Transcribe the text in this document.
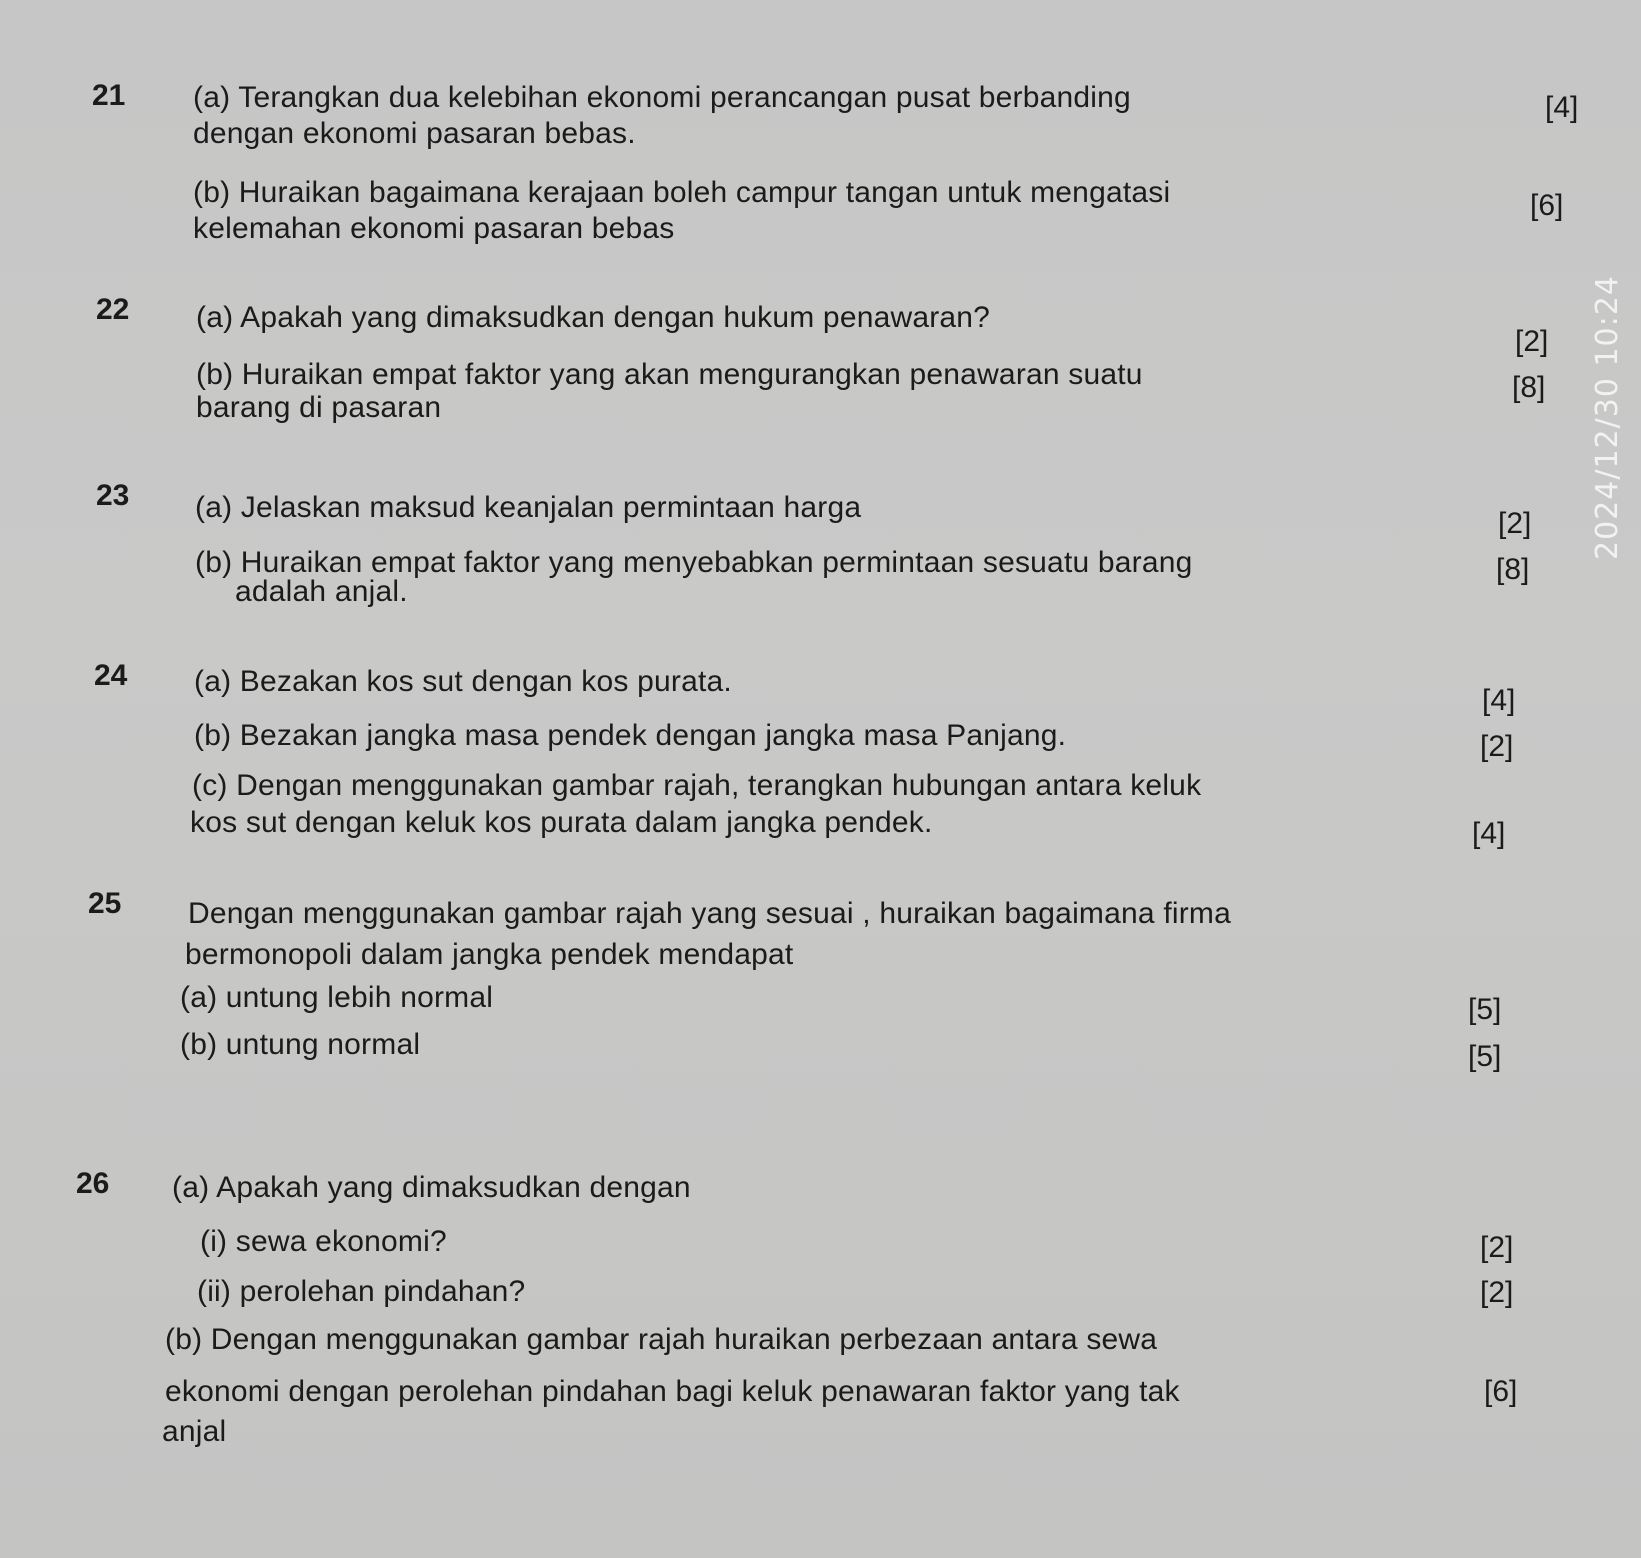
21 (a) Terangkan dua kelebihan ekonomi perancangan pusat berbanding
dengan ekonomi pasaran bebas.
[4]
(b) Huraikan bagaimana kerajaan boleh campur tangan untuk mengatasi
kelemahan ekonomi pasaran bebas
[6]
22 (a) Apakah yang dimaksudkan dengan hukum penawaran?
[2]
(b) Huraikan empat faktor yang akan mengurangkan penawaran suatu
barang di pasaran
[8]
23 (a) Jelaskan maksud keanjalan permintaan harga	[2]
(b) Huraikan empat faktor yang menyebabkan permintaan sesuatu barang
adalah anjal.
[8]
24 (a) Bezakan kos sut dengan kos purata.
[4]
(b) Bezakan jangka masa pendek dengan jangka masa Panjang.	[2]
(c) Dengan menggunakan gambar rajah, terangkan hubungan antara keluk
kos sut dengan keluk kos purata dalam jangka pendek.	[4]
25 Dengan menggunakan gambar rajah yang sesuai , huraikan bagaimana firma
bermonopoli dalam jangka pendek mendapat
(a) untung lebih normal	[5]
(b) untung normal	[5]
26 (a) Apakah yang dimaksudkan dengan
(i) sewa ekonomi?	[2]
(ii) perolehan pindahan?	[2]
(b) Dengan menggunakan gambar rajah huraikan perbezaan antara sewa
ekonomi dengan perolehan pindahan bagi keluk penawaran faktor yang tak
anjal
[6]
2024/12/30 10:24
